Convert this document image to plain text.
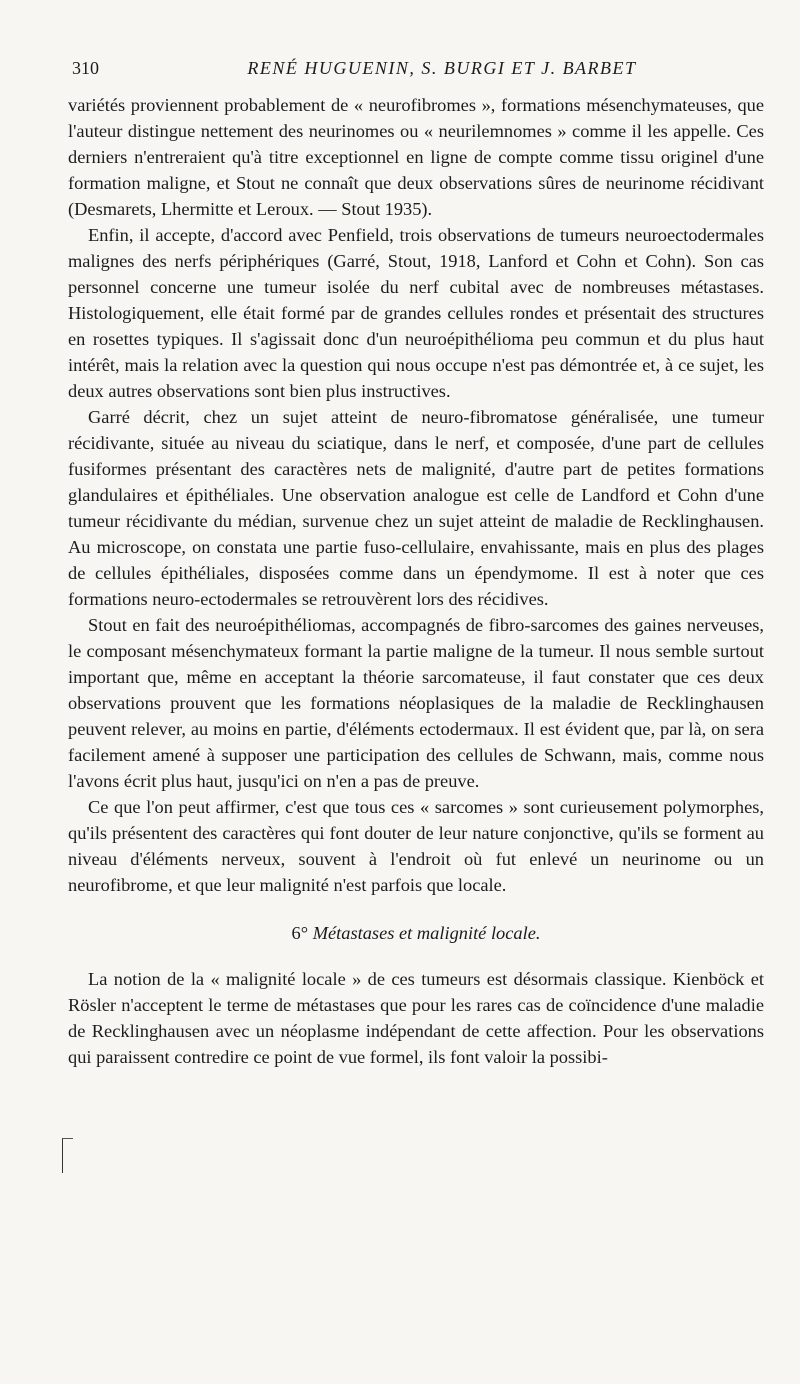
310	RENÉ HUGUENIN, S. BURGI ET J. BARBET

variétés proviennent probablement de « neurofibromes », formations mésenchymateuses, que l'auteur distingue nettement des neurinomes ou « neurilemnomes » comme il les appelle. Ces derniers n'entreraient qu'à titre exceptionnel en ligne de compte comme tissu originel d'une formation maligne, et Stout ne connaît que deux observations sûres de neurinome récidivant (Desmarets, Lhermitte et Leroux. — Stout 1935).

Enfin, il accepte, d'accord avec Penfield, trois observations de tumeurs neuroectodermales malignes des nerfs périphériques (Garré, Stout, 1918, Lanford et Cohn et Cohn). Son cas personnel concerne une tumeur isolée du nerf cubital avec de nombreuses métastases. Histologiquement, elle était formé par de grandes cellules rondes et présentait des structures en rosettes typiques. Il s'agissait donc d'un neuroépithélioma peu commun et du plus haut intérêt, mais la relation avec la question qui nous occupe n'est pas démontrée et, à ce sujet, les deux autres observations sont bien plus instructives.

Garré décrit, chez un sujet atteint de neuro-fibromatose généralisée, une tumeur récidivante, située au niveau du sciatique, dans le nerf, et composée, d'une part de cellules fusiformes présentant des caractères nets de malignité, d'autre part de petites formations glandulaires et épithéliales. Une observation analogue est celle de Landford et Cohn d'une tumeur récidivante du médian, survenue chez un sujet atteint de maladie de Recklinghausen. Au microscope, on constata une partie fuso-cellulaire, envahissante, mais en plus des plages de cellules épithéliales, disposées comme dans un épendymome. Il est à noter que ces formations neuro-ectodermales se retrouvèrent lors des récidives.

Stout en fait des neuroépithéliomas, accompagnés de fibro-sarcomes des gaines nerveuses, le composant mésenchymateux formant la partie maligne de la tumeur. Il nous semble surtout important que, même en acceptant la théorie sarcomateuse, il faut constater que ces deux observations prouvent que les formations néoplasiques de la maladie de Recklinghausen peuvent relever, au moins en partie, d'éléments ectodermaux. Il est évident que, par là, on sera facilement amené à supposer une participation des cellules de Schwann, mais, comme nous l'avons écrit plus haut, jusqu'ici on n'en a pas de preuve.

Ce que l'on peut affirmer, c'est que tous ces « sarcomes » sont curieusement polymorphes, qu'ils présentent des caractères qui font douter de leur nature conjonctive, qu'ils se forment au niveau d'éléments nerveux, souvent à l'endroit où fut enlevé un neurinome ou un neurofibrome, et que leur malignité n'est parfois que locale.

6° Métastases et malignité locale.

La notion de la « malignité locale » de ces tumeurs est désormais classique. Kienböck et Rösler n'acceptent le terme de métastases que pour les rares cas de coïncidence d'une maladie de Recklinghausen avec un néoplasme indépendant de cette affection. Pour les observations qui paraissent contredire ce point de vue formel, ils font valoir la possibi-
